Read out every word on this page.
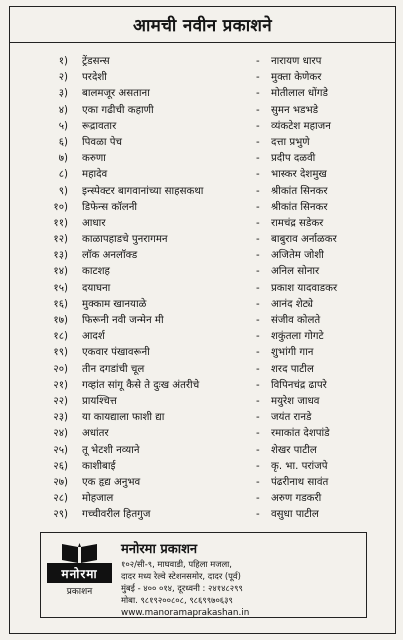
आमची नवीन प्रकाशने
१) ट्रेंडसन्स	- नारायण धारप
२) परदेशी	- मुक्ता केणेकर
३) बालमजूर असताना	- मोतीलाल धोंगडे
४) एका गढीची कहाणी	- सुमन भडभडे
५) रूद्रावतार	- व्यंकटेश महाजन
६) पिवळा पेच	- दत्ता प्रभुणे
७) करुणा	- प्रदीप दळवी
८) महादेव	- भास्कर देशमुख
९) इन्स्पेक्टर बागवानांच्या साहसकथा	- श्रीकांत सिनकर
१०) डिफेन्स कॉलनी	- श्रीकांत सिनकर
११) आधार	- रामचंद्र सडेकर
१२) काळापहाडचे पुनरागमन	- बाबुराव अर्नाळकर
१३) लॉक अनलॉक्ड	- अजितेम जोशी
१४) काटशह	- अनिल सोनार
१५) दयाघना	- प्रकाश यादवाडकर
१६) मुक्काम खानयाळे	- आनंद शेट्ये
१७) फिरूनी नवी जन्मेन मी	- संजीव कोलते
१८) आदर्श	- शकुंतला गोगटे
१९) एकवार पंखावरूनी	- शुभांगी गान
२०) तीन दगडांची चूल	- शरद पाटील
२१) गव्हांत सांगू कैसे ते दुःख अंतरीचे	- विपिनचंद्र ढापरे
२२) प्रायश्चित्त	- मयुरेश जाधव
२३) या कायद्याला फाशी द्या	- जयंत रानडे
२४) अधांतर	- रमाकांत देशपांडे
२५) तू भेटशी नव्याने	- शेखर पाटील
२६) काशीबाई	- कृ. भा. परांजपे
२७) एक हृद्य अनुभव	- पंढरीनाथ सावंत
२८) मोहजाल	- अरुण गडकरी
२९) गच्चीवरील हितगुज	- वसुधा पाटील
मनोरमा
प्रकाशन
मनोरमा प्रकाशन
१०२/सी-९, माघवाडी, पहिला मजला,
दादर मध्य रेल्वे स्टेशनसमोर, दादर (पूर्व)
मुंबई - ४०० ०१४, दूरध्वनी : २४१४८२९९
मोबा. ९८१९२००८०८, ९८६९९७०६३९
www.manoramaprakashan.in
